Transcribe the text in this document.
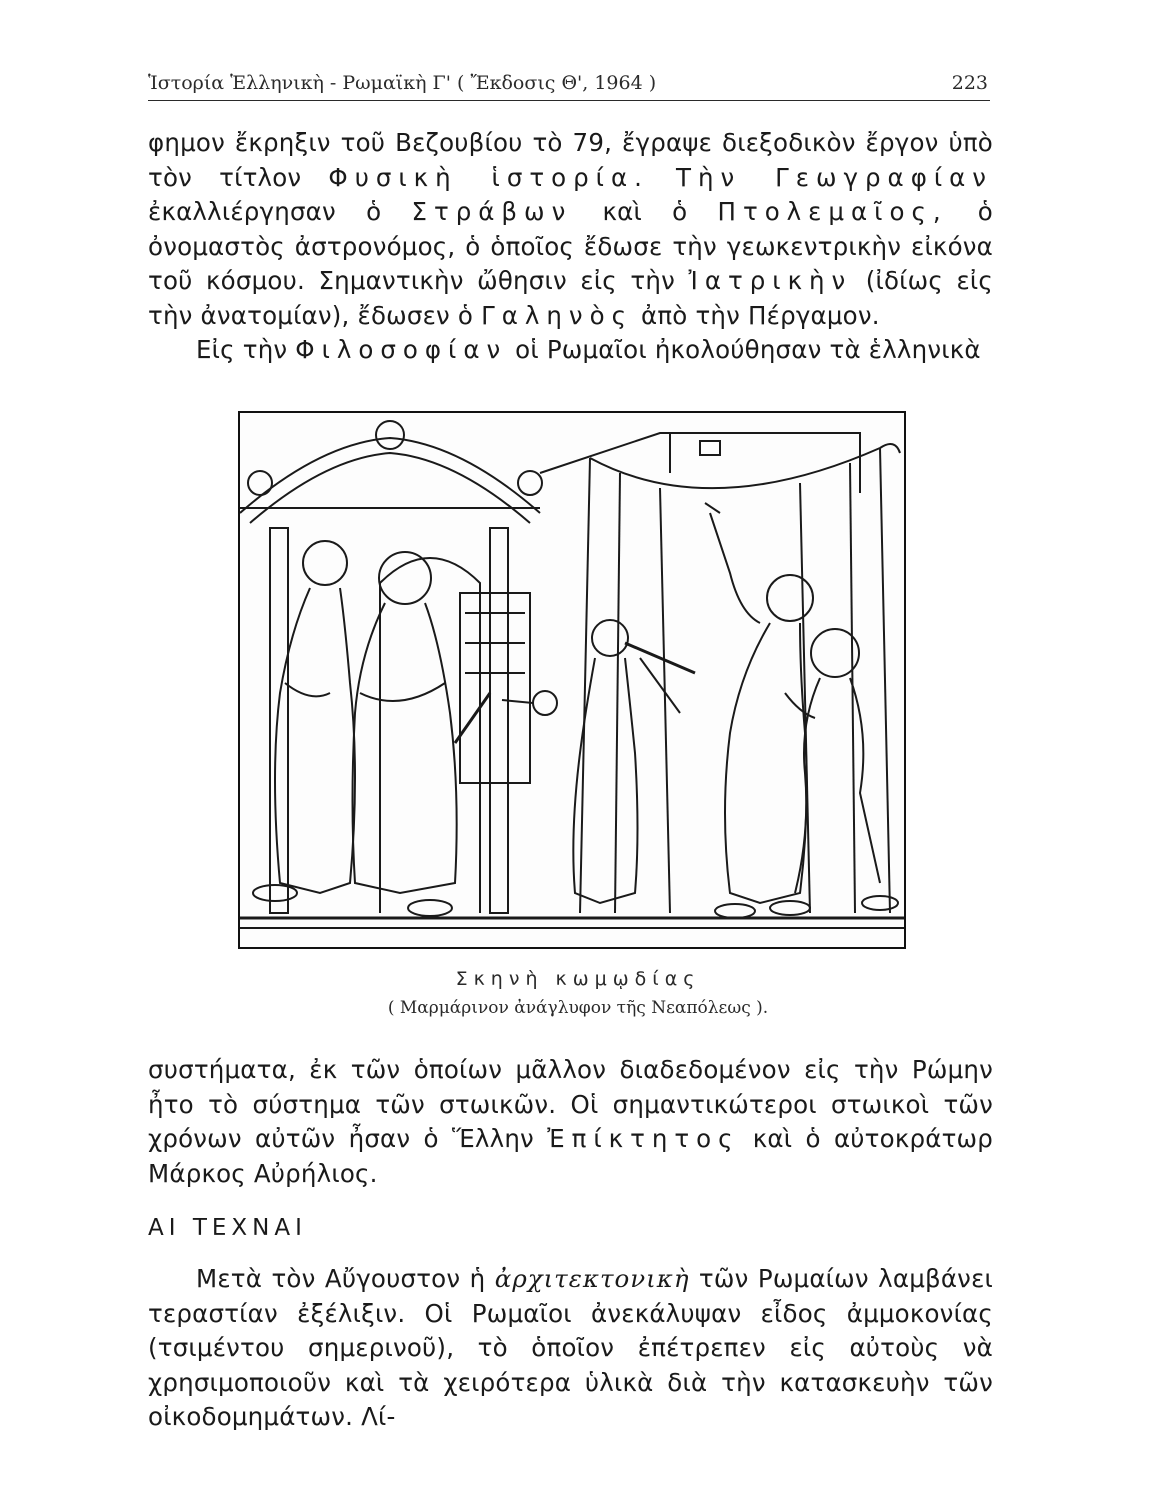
Ἱστορία Ἑλληνικὴ - Ρωμαϊκὴ Γ' ( Ἔκδοσις Θ', 1964 )	223

φημον ἔκρηξιν τοῦ Βεζουβίου τὸ 79, ἔγραψε διεξοδικὸν ἔργον ὑπὸ τὸν τίτλον Φυσικὴ ἱστορία. Τὴν Γεωγραφίαν ἐκαλλιέργησαν ὁ Στράβων καὶ ὁ Πτολεμαῖος, ὁ ὀνομαστὸς ἀστρονόμος, ὁ ὁποῖος ἔδωσε τὴν γεωκεντρικὴν εἰκόνα τοῦ κόσμου. Σημαντικὴν ὤθησιν εἰς τὴν Ἰατρικὴν (ἰδίως εἰς τὴν ἀνατομίαν), ἔδωσεν ὁ Γαληνὸς ἀπὸ τὴν Πέργαμον.

Εἰς τὴν Φιλοσοφίαν οἱ Ρωμαῖοι ἠκολούθησαν τὰ ἑλληνικὰ

Σκηνὴ κωμῳδίας
( Μαρμάρινον ἀνάγλυφον τῆς Νεαπόλεως ).

συστήματα, ἐκ τῶν ὁποίων μᾶλλον διαδεδομένον εἰς τὴν Ρώμην ἦτο τὸ σύστημα τῶν στωικῶν. Οἱ σημαντικώτεροι στωικοὶ τῶν χρόνων αὐτῶν ἦσαν ὁ Ἕλλην Ἐπίκτητος καὶ ὁ αὐτοκράτωρ Μάρκος Αὐρήλιος.

ΑΙ ΤΕΧΝΑΙ

Μετὰ τὸν Αὔγουστον ἡ ἀρχιτεκτονικὴ τῶν Ρωμαίων λαμβάνει τεραστίαν ἐξέλιξιν. Οἱ Ρωμαῖοι ἀνεκάλυψαν εἶδος ἀμμοκονίας (τσιμέντου σημερινοῦ), τὸ ὁποῖον ἐπέτρεπεν εἰς αὐτοὺς νὰ χρησιμοποιοῦν καὶ τὰ χειρότερα ὑλικὰ διὰ τὴν κατασκευὴν τῶν οἰκοδομημάτων. Λί-
